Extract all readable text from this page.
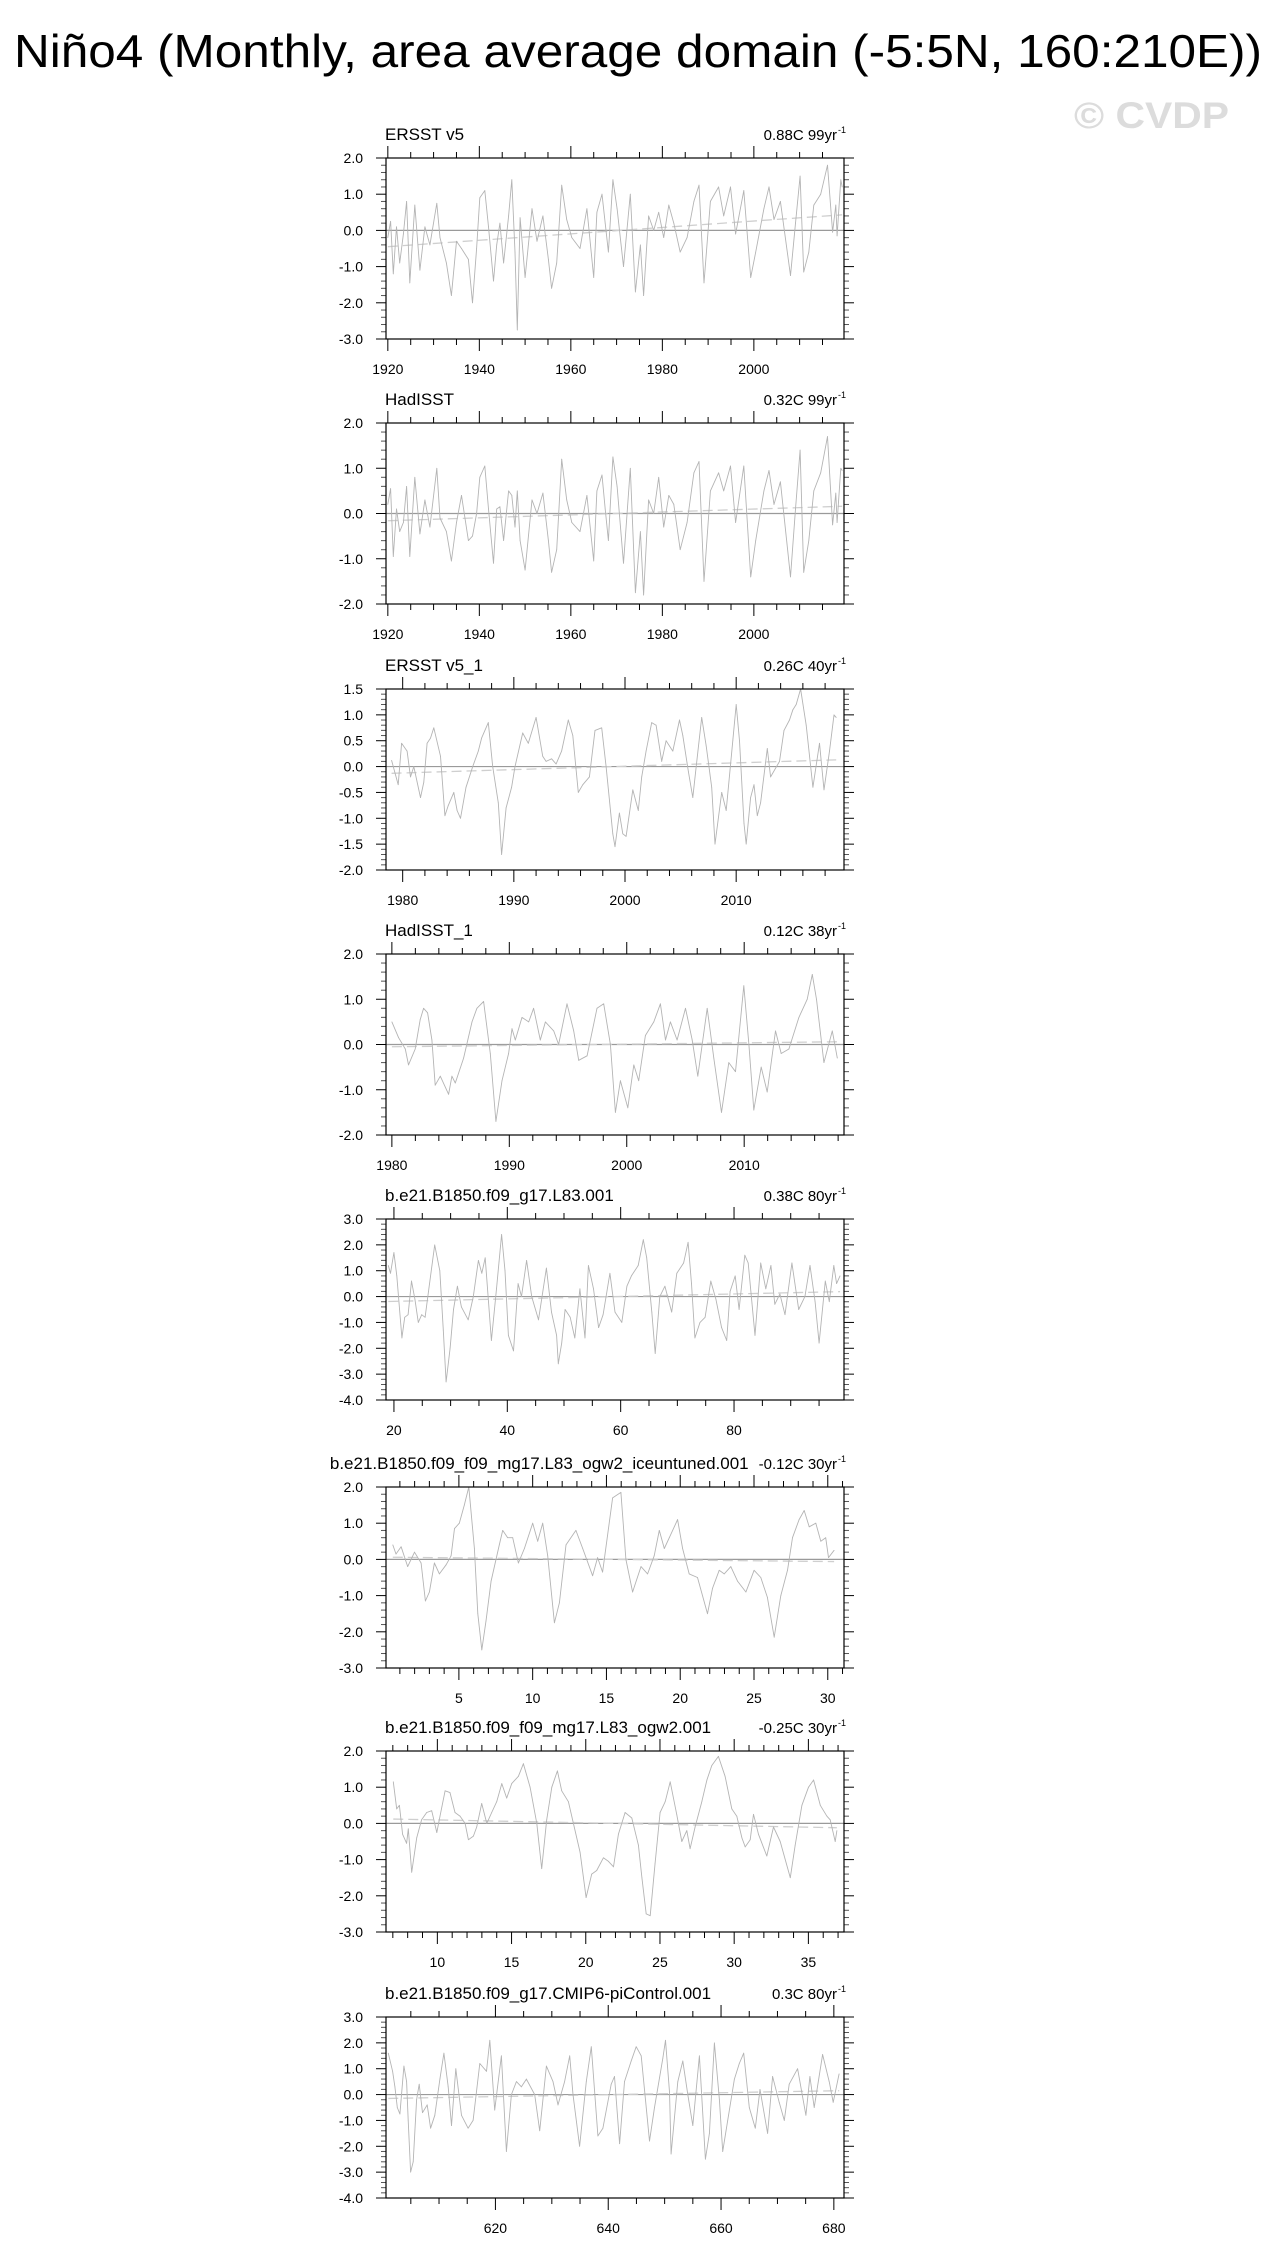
Niño4 (Monthly, area average domain (-5:5N, 160:210E))
© CVDP
ERSST v5	0.88C 99yr -1
1920	1940	1960	1980	2000
-3.0
-2.0
-1.0
0.0
1.0
2.0
HadISST	0.32C 99yr -1
1920	1940	1960	1980	2000
-2.0
-1.0
0.0
1.0
2.0
ERSST v5_1	0.26C 40yr -1
1980	1990	2000	2010
-2.0
-1.5
-1.0
-0.5
0.0
0.5
1.0
1.5
HadISST_1	0.12C 38yr -1
1980	1990	2000	2010
-2.0
-1.0
0.0
1.0
2.0
b.e21.B1850.f09_g17.L83.001	0.38C 80yr -1
20	40	60	80
-4.0
-3.0
-2.0
-1.0
0.0
1.0
2.0
3.0
b.e21.B1850.f09_f09_mg17.L83_ogw2_iceuntuned.001 -0.12C 30yr -1
5	10	15	20	25	30
-3.0
-2.0
-1.0
0.0
1.0
2.0
b.e21.B1850.f09_f09_mg17.L83_ogw2.001	-0.25C 30yr -1
10	15	20	25	30	35
-3.0
-2.0
-1.0
0.0
1.0
2.0
b.e21.B1850.f09_g17.CMIP6-piControl.001	0.3C 80yr -1
620	640	660	680
-4.0
-3.0
-2.0
-1.0
0.0
1.0
2.0
3.0
